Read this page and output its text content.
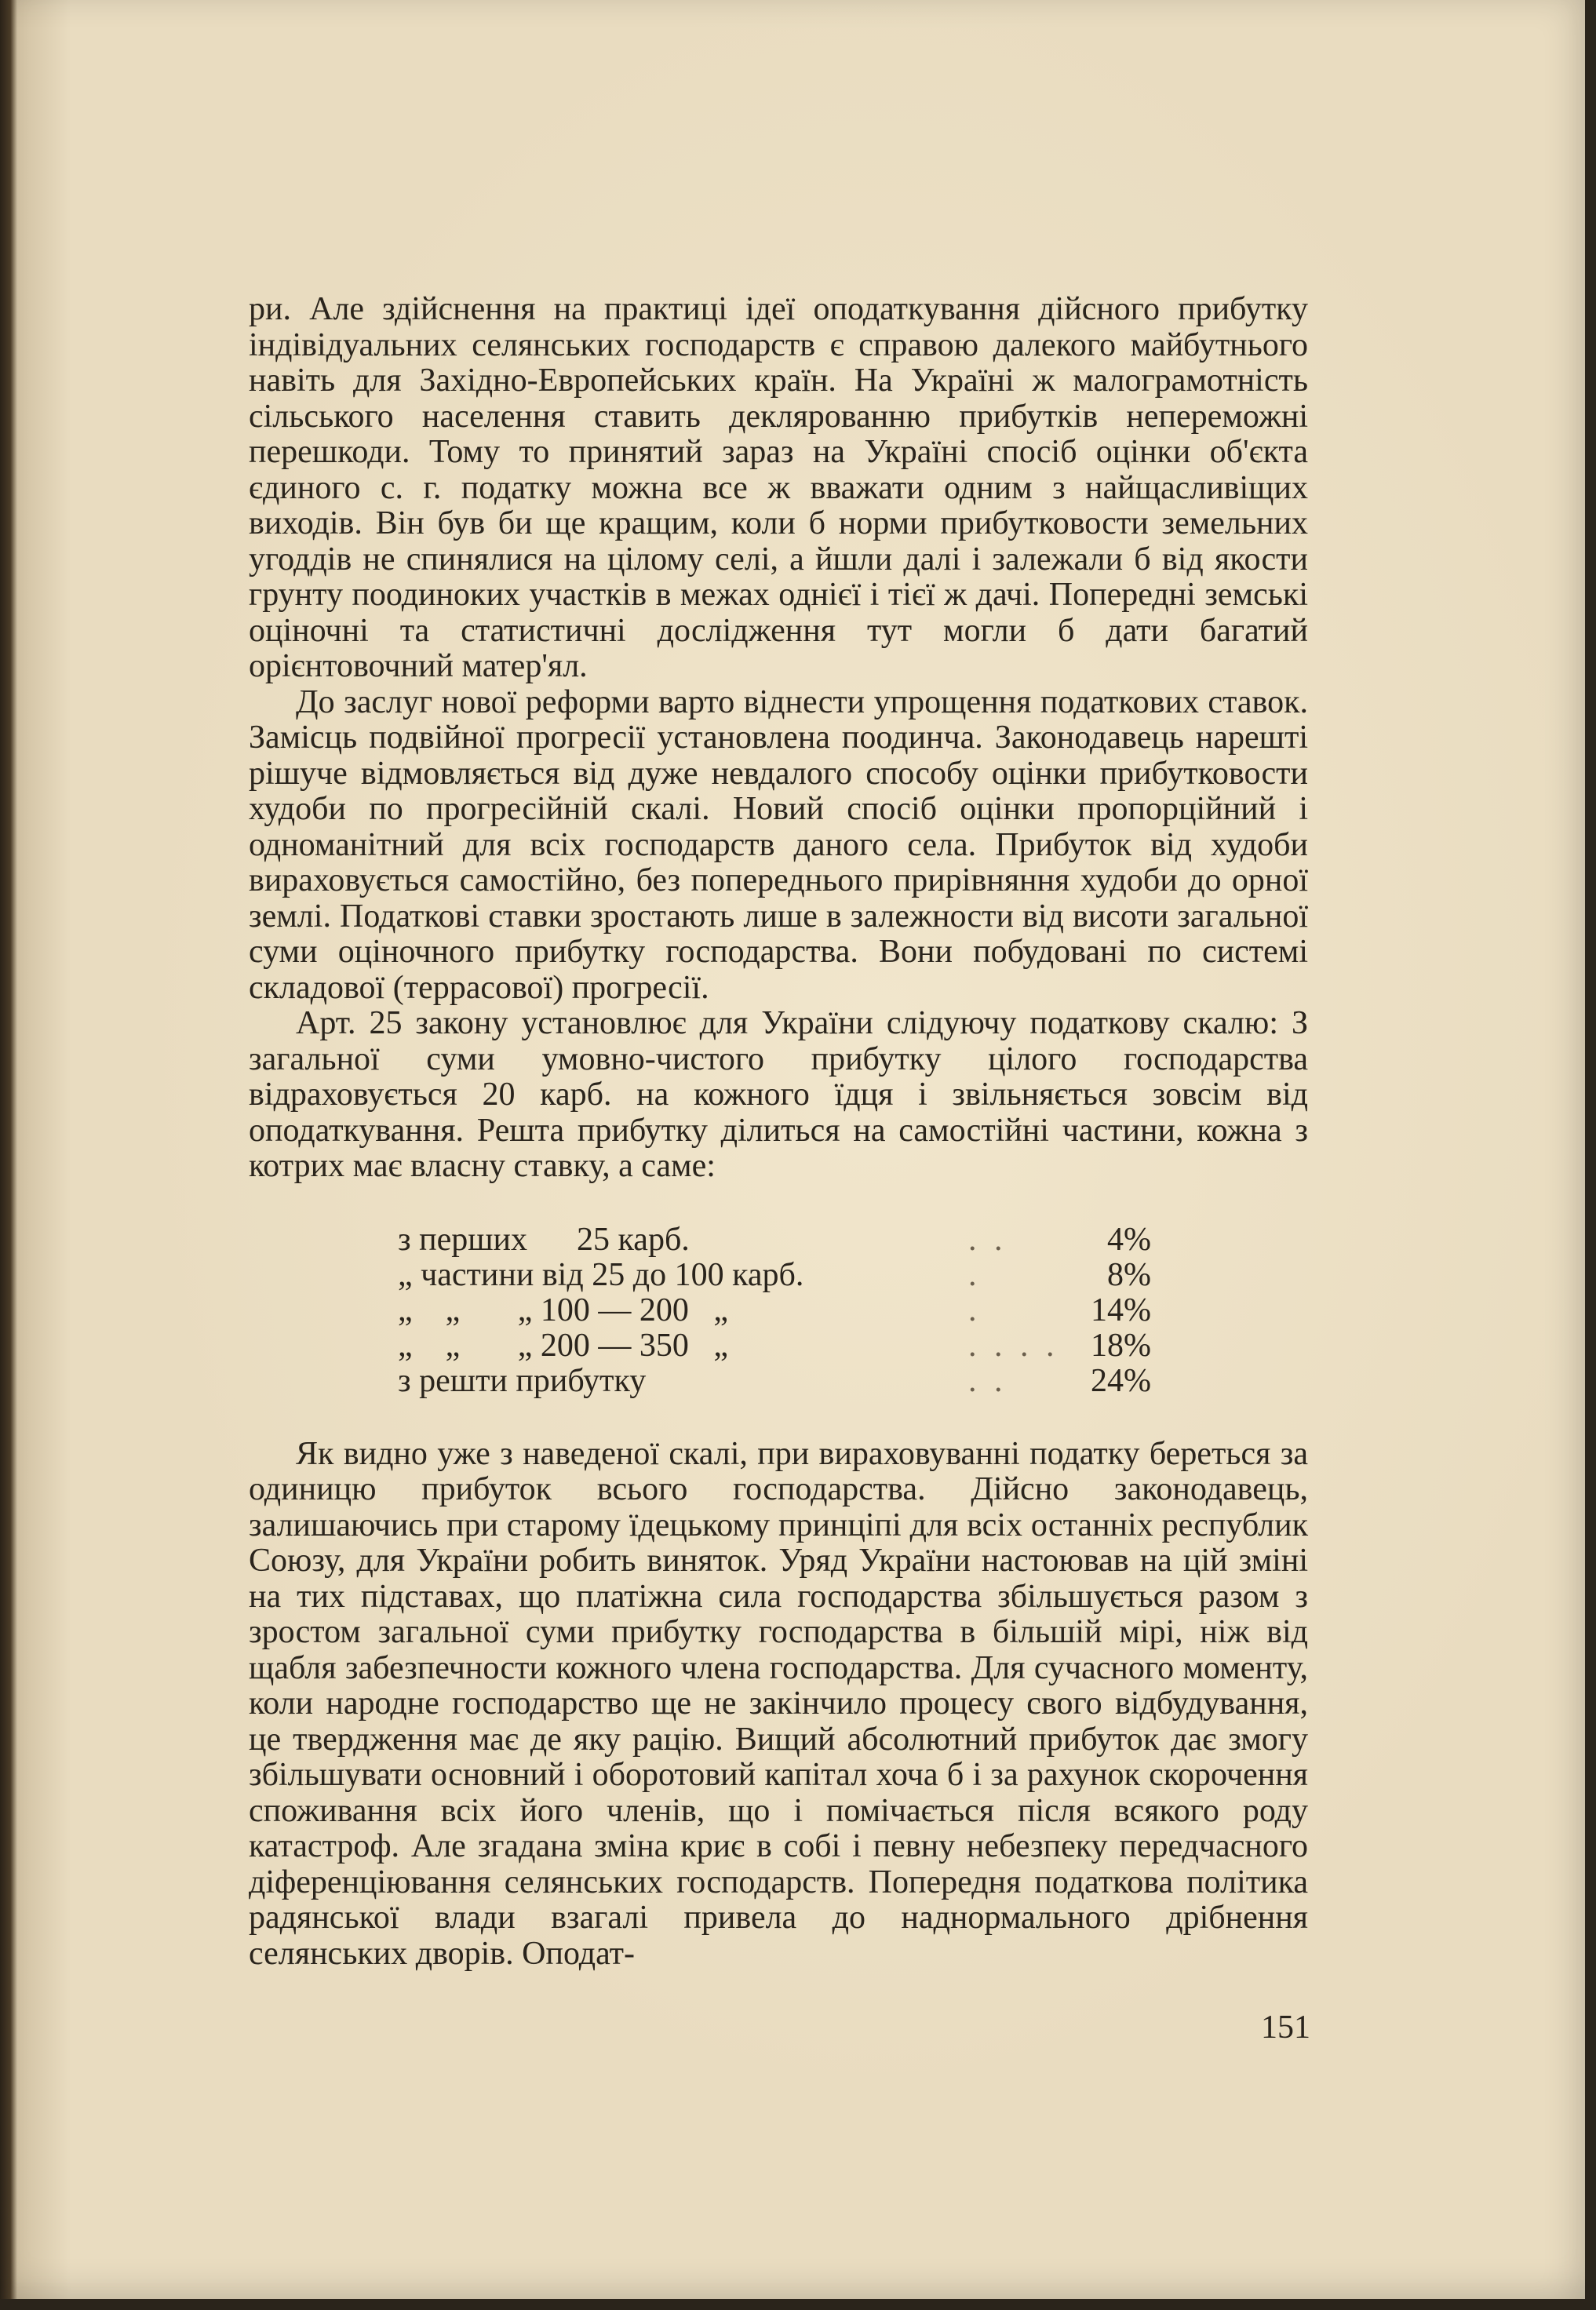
ри. Але здійснення на практиці ідеї оподаткування дійсного прибутку індівідуальних селянських господарств є справою далекого майбутнього навіть для Західно-Европейських країн. На Україні ж малограмотність сільського населення ставить деклярованню прибутків непереможні перешкоди. Тому то принятий зараз на Україні спосіб оцінки об'єкта єдиного с. г. податку можна все ж вважати одним з найщасливіщих виходів. Він був би ще кращим, коли б норми прибутковости земельних угоддів не спинялися на цілому селі, а йшли далі і залежали б від якости грунту поодиноких участків в межах однієї і тієї ж дачі. Попередні земські оціночні та статистичні дослідження тут могли б дати багатий орієнтовочний матер'ял.

До заслуг нової реформи варто віднести упрощення податкових ставок. Замісць подвійної прогресії установлена поодинча. Законодавець нарешті рішуче відмовляється від дуже невдалого способу оцінки прибутковости худоби по прогресійній скалі. Новий спосіб оцінки пропорційний і одноманітний для всіх господарств даного села. Прибуток від худоби вираховується самостійно, без попереднього прирівняння худоби до орної землі. Податкові ставки зростають лише в залежности від висоти загальної суми оціночного прибутку господарства. Вони побудовані по системі складової (террасової) прогресії.

Арт. 25 закону установлює для України слідуючу податкову скалю: З загальної суми умовно-чистого прибутку цілого господарства відраховується 20 карб. на кожного їдця і звільняється зовсім від оподаткування. Решта прибутку ділиться на самостійні частини, кожна з котрих має власну ставку, а саме:

з перших      25 карб.	. .	4%
„ частини від 25 до 100 карб.	.	8%
„    „       „ 100 — 200   „	.	14%
„    „       „ 200 — 350   „	. . . .	18%
з решти прибутку	. .	24%

Як видно уже з наведеної скалі, при вираховуванні податку береться за одиницю прибуток всього господарства. Дійсно законодавець, залишаючись при старому їдецькому принціпі для всіх останніх республик Союзу, для України робить виняток. Уряд України настоював на цій зміні на тих підставах, що платіжна сила господарства збільшується разом з зростом загальної суми прибутку господарства в більшій мірі, ніж від щабля забезпечности кожного члена господарства. Для сучасного моменту, коли народне господарство ще не закінчило процесу свого відбудування, це твердження має де яку рацію. Вищий абсолютний прибуток дає змогу збільшувати основний і оборотовий капітал хоча б і за рахунок скорочення споживання всіх його членів, що і помічається після всякого роду катастроф. Але згадана зміна криє в собі і певну небезпеку передчасного діференціювання селянських господарств. Попередня податкова політика радянської влади взагалі привела до наднормального дрібнення селянських дворів. Оподат-

151
